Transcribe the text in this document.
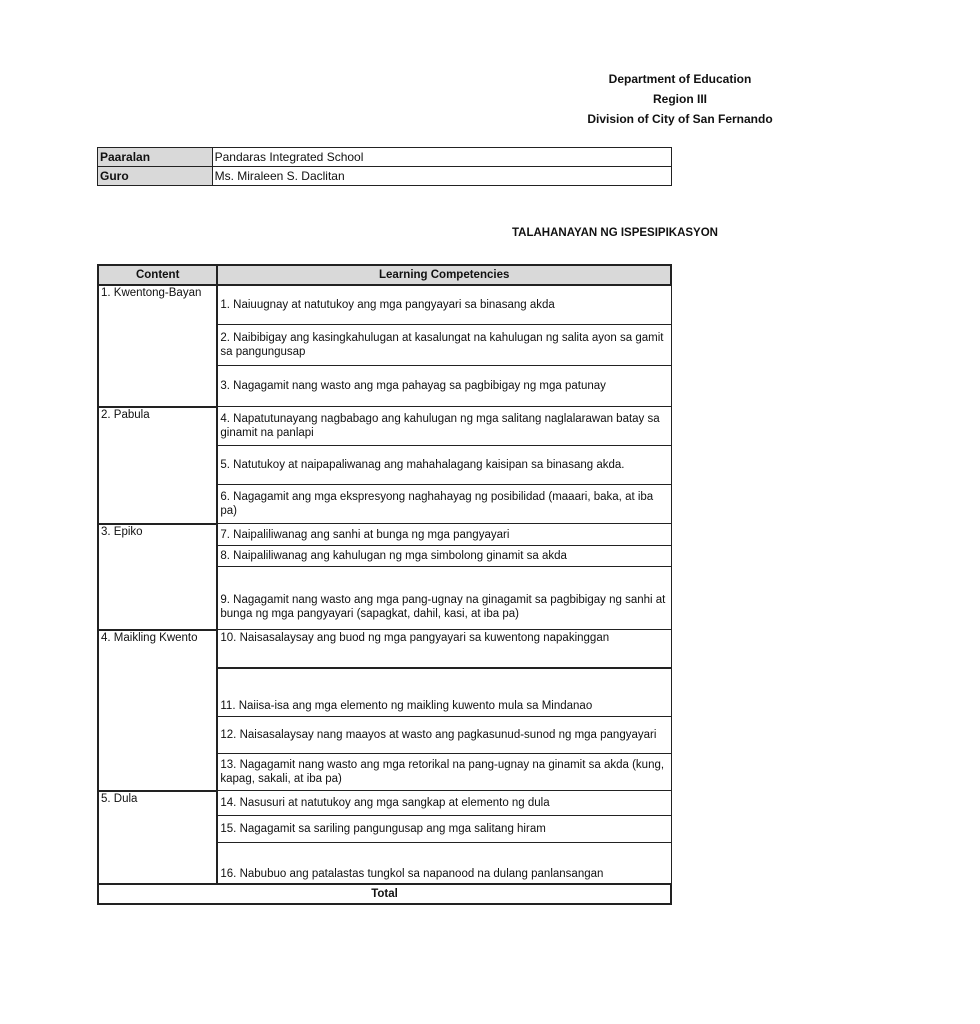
Department of Education
Region III
Division of City of San Fernando
Paaralan	Pandaras Integrated School
Guro	Ms. Miraleen S. Daclitan
TALAHANAYAN NG ISPESIPIKASYON
Content	Learning Competencies
1. Kwentong-Bayan	1. Naiuugnay at natutukoy ang mga pangyayari sa binasang akda
	2. Naibibigay ang kasingkahulugan at kasalungat na kahulugan ng salita ayon sa gamit sa pangungusap
	3. Nagagamit nang wasto ang mga pahayag sa pagbibigay ng mga patunay
2. Pabula	4. Napatutunayang nagbabago ang kahulugan ng mga salitang naglalarawan batay sa ginamit na panlapi
	5. Natutukoy at naipapaliwanag ang mahahalagang kaisipan sa binasang akda.
	6. Nagagamit ang mga ekspresyong naghahayag ng posibilidad (maaari, baka, at iba pa)
3. Epiko	7. Naipaliliwanag ang sanhi at bunga ng mga pangyayari
	8. Naipaliliwanag ang kahulugan ng mga simbolong ginamit sa akda
	9. Nagagamit nang wasto ang mga pang-ugnay na ginagamit sa pagbibigay ng sanhi at bunga ng mga pangyayari (sapagkat, dahil, kasi, at iba pa)
4. Maikling Kwento	10. Naisasalaysay ang buod ng mga pangyayari sa kuwentong napakinggan

	11. Naiisa-isa ang mga elemento ng maikling kuwento mula sa Mindanao
	12. Naisasalaysay nang maayos at wasto ang pagkasunud-sunod ng mga pangyayari
	13. Nagagamit nang wasto ang mga retorikal na pang-ugnay na ginamit sa akda (kung, kapag, sakali, at iba pa)
5. Dula	14. Nasusuri at natutukoy ang mga sangkap at elemento ng dula
	15. Nagagamit sa sariling pangungusap ang mga salitang hiram
	16. Nabubuo ang patalastas tungkol sa napanood na dulang panlansangan
Total	
